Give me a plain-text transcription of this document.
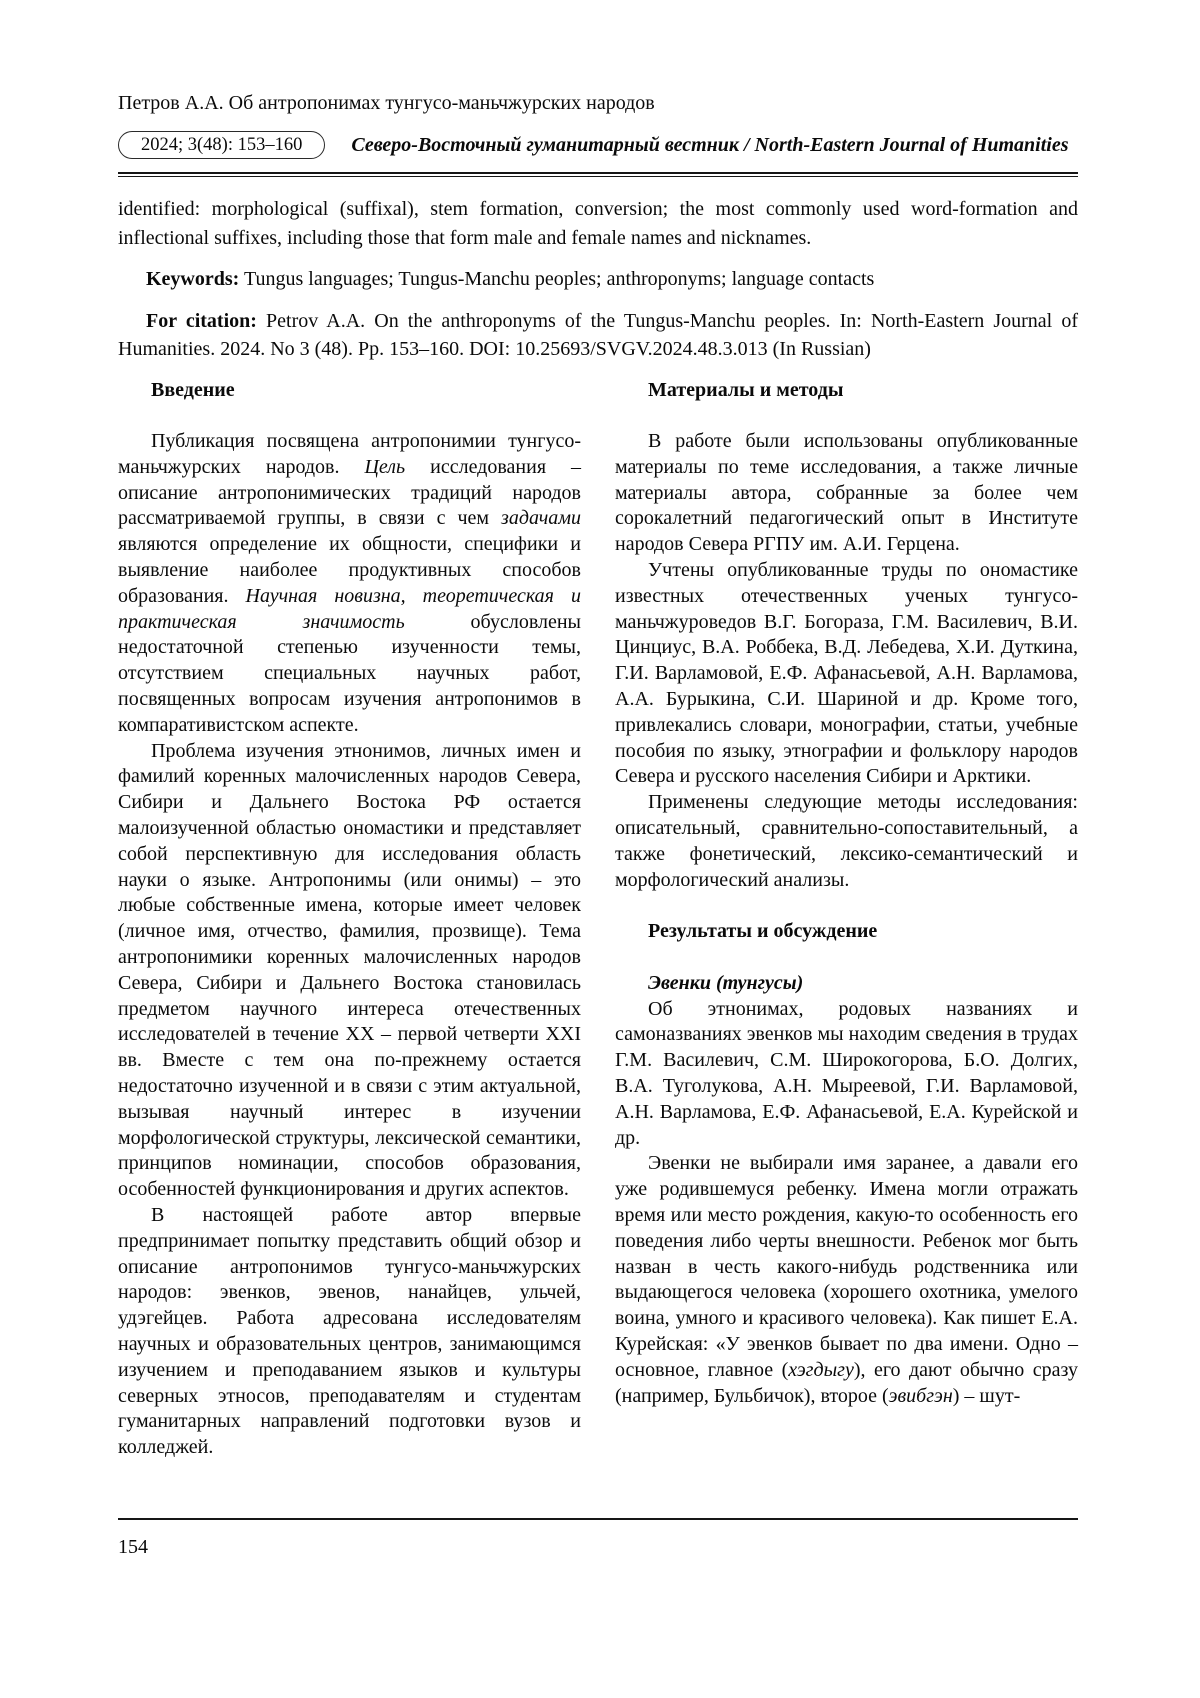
Петров А.А. Об антропонимах тунгусо-маньчжурских народов
2024; 3(48): 153–160	Северо-Восточный гуманитарный вестник / North-Eastern Journal of Humanities

identified: morphological (suffixal), stem formation, conversion; the most commonly used word-formation and inflectional suffixes, including those that form male and female names and nicknames.

Keywords: Tungus languages; Tungus-Manchu peoples; anthroponyms; language contacts

For citation: Petrov A.A. On the anthroponyms of the Tungus-Manchu peoples. In: North-Eastern Journal of Humanities. 2024. No 3 (48). Pp. 153–160. DOI: 10.25693/SVGV.2024.48.3.013 (In Russian)

Введение

Публикация посвящена антропонимии тунгусо-маньчжурских народов. Цель исследования – описание антропонимических традиций народов рассматриваемой группы, в связи с чем задачами являются определение их общности, специфики и выявление наиболее продуктивных способов образования. Научная новизна, теоретическая и практическая значимость обусловлены недостаточной степенью изученности темы, отсутствием специальных научных работ, посвященных вопросам изучения антропонимов в компаративистском аспекте.

Проблема изучения этнонимов, личных имен и фамилий коренных малочисленных народов Севера, Сибири и Дальнего Востока РФ остается малоизученной областью ономастики и представляет собой перспективную для исследования область науки о языке. Антропонимы (или онимы) – это любые собственные имена, которые имеет человек (личное имя, отчество, фамилия, прозвище). Тема антропонимики коренных малочисленных народов Севера, Сибири и Дальнего Востока становилась предметом научного интереса отечественных исследователей в течение XX – первой четверти XXI вв. Вместе с тем она по-прежнему остается недостаточно изученной и в связи с этим актуальной, вызывая научный интерес в изучении морфологической структуры, лексической семантики, принципов номинации, способов образования, особенностей функционирования и других аспектов.

В настоящей работе автор впервые предпринимает попытку представить общий обзор и описание антропонимов тунгусо-маньчжурских народов: эвенков, эвенов, нанайцев, ульчей, удэгейцев. Работа адресована исследователям научных и образовательных центров, занимающимся изучением и преподаванием языков и культуры северных этносов, преподавателям и студентам гуманитарных направлений подготовки вузов и колледжей.

Материалы и методы

В работе были использованы опубликованные материалы по теме исследования, а также личные материалы автора, собранные за более чем сорокалетний педагогический опыт в Институте народов Севера РГПУ им. А.И. Герцена.

Учтены опубликованные труды по ономастике известных отечественных ученых тунгусо-маньчжуроведов В.Г. Богораза, Г.М. Василевич, В.И. Цинциус, В.А. Роббека, В.Д. Лебедева, Х.И. Дуткина, Г.И. Варламовой, Е.Ф. Афанасьевой, А.Н. Варламова, А.А. Бурыкина, С.И. Шариной и др. Кроме того, привлекались словари, монографии, статьи, учебные пособия по языку, этнографии и фольклору народов Севера и русского населения Сибири и Арктики.

Применены следующие методы исследования: описательный, сравнительно-сопоставительный, а также фонетический, лексико-семантический и морфологический анализы.

Результаты и обсуждение
Эвенки (тунгусы)

Об этнонимах, родовых названиях и самоназваниях эвенков мы находим сведения в трудах Г.М. Василевич, С.М. Широкогорова, Б.О. Долгих, В.А. Туголукова, А.Н. Мыреевой, Г.И. Варламовой, А.Н. Варламова, Е.Ф. Афанасьевой, Е.А. Курейской и др.

Эвенки не выбирали имя заранее, а давали его уже родившемуся ребенку. Имена могли отражать время или место рождения, какую-то особенность его поведения либо черты внешности. Ребенок мог быть назван в честь какого-нибудь родственника или выдающегося человека (хорошего охотника, умелого воина, умного и красивого человека). Как пишет Е.А. Курейская: «У эвенков бывает по два имени. Одно – основное, главное (хэгдыгу), его дают обычно сразу (например, Бульбичок), второе (эвибгэн) – шут-

154
